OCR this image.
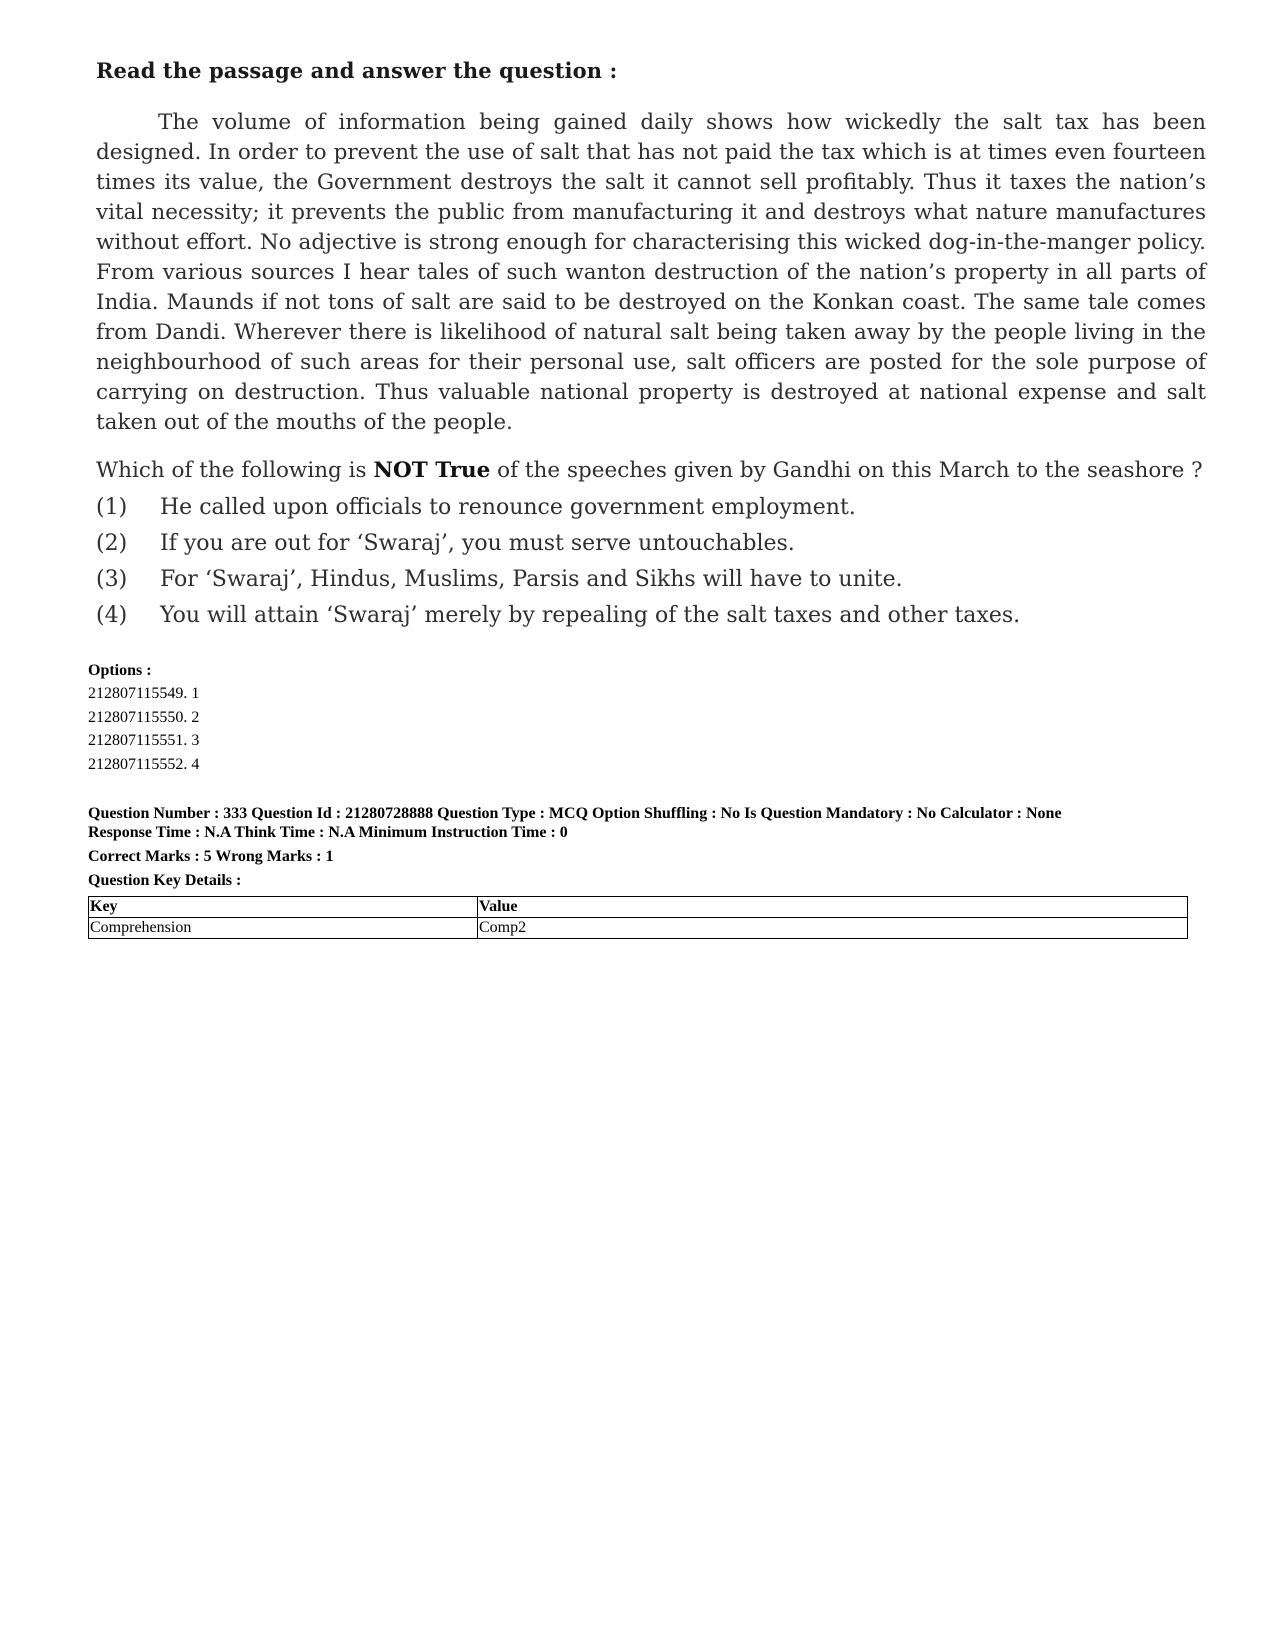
Read the passage and answer the question :

The volume of information being gained daily shows how wickedly the salt tax has been designed. In order to prevent the use of salt that has not paid the tax which is at times even fourteen times its value, the Government destroys the salt it cannot sell profitably. Thus it taxes the nation’s vital necessity; it prevents the public from manufacturing it and destroys what nature manufactures without effort. No adjective is strong enough for characterising this wicked dog-in-the-manger policy. From various sources I hear tales of such wanton destruction of the nation’s property in all parts of India. Maunds if not tons of salt are said to be destroyed on the Konkan coast. The same tale comes from Dandi. Wherever there is likelihood of natural salt being taken away by the people living in the neighbourhood of such areas for their personal use, salt officers are posted for the sole purpose of carrying on destruction. Thus valuable national property is destroyed at national expense and salt taken out of the mouths of the people.

Which of the following is NOT True of the speeches given by Gandhi on this March to the seashore ?

(1)	He called upon officials to renounce government employment.
(2)	If you are out for ‘Swaraj’, you must serve untouchables.
(3)	For ‘Swaraj’, Hindus, Muslims, Parsis and Sikhs will have to unite.
(4)	You will attain ‘Swaraj’ merely by repealing of the salt taxes and other taxes.

Options :

212807115549. 1

212807115550. 2

212807115551. 3

212807115552. 4

Question Number : 333 Question Id : 21280728888 Question Type : MCQ Option Shuffling : No Is Question Mandatory : No Calculator : None
Response Time : N.A Think Time : N.A Minimum Instruction Time : 0
Correct Marks : 5 Wrong Marks : 1
Question Key Details :
Key	Value
Comprehension	Comp2
